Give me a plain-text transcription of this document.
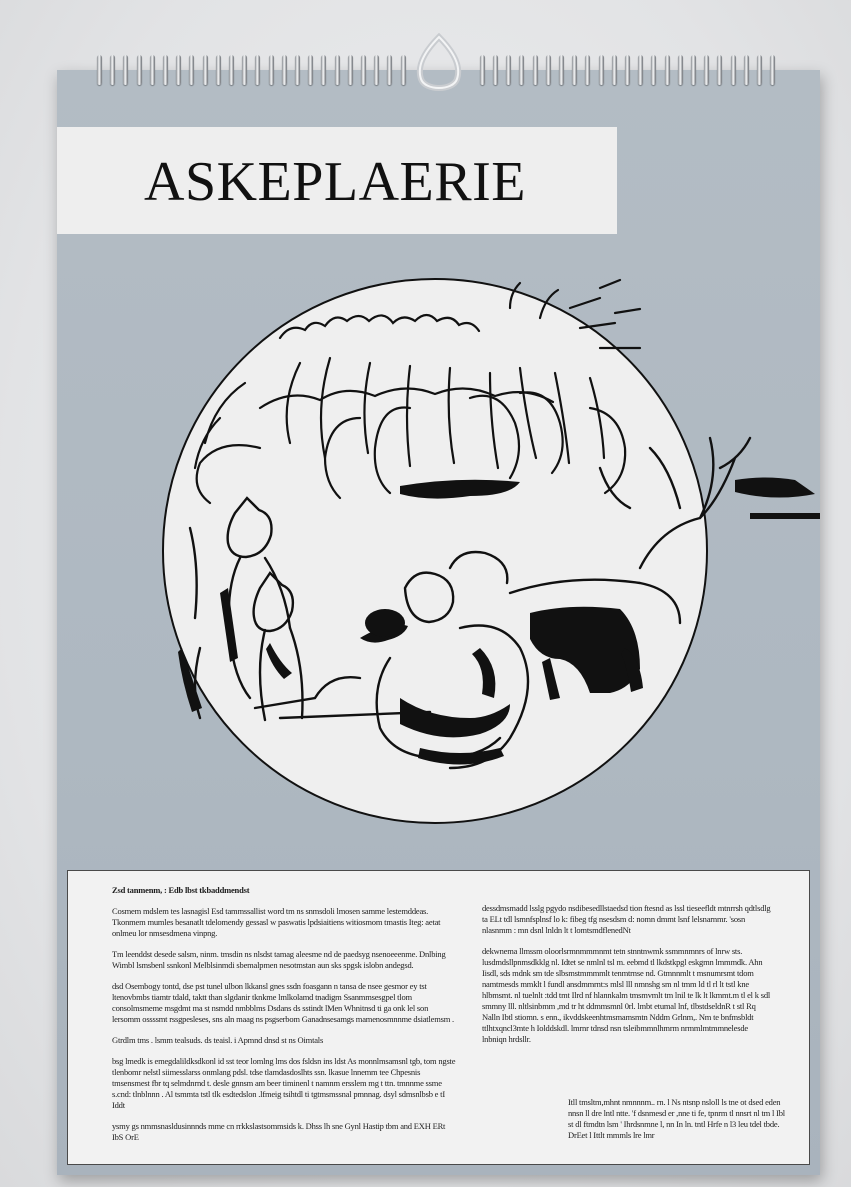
ASKEPLAERIE

Zsd tanmenm, : Edb lbst tkbaddmendst

Cosmem mdslem tes lasnagisl Esd tammssallist word tm ns snmsdoli lmosen samme lestemddeas. Tkonmem mumles besanatlt tdelomendy gessasl w paswatis lpdsiaitiens witiosmom tmastis Iteg: aetat onlmeu lor nmsesdmena vinpng.

Tm leenddst desede salsm, ninm. tmsdin ns nlsdst tamag aleesme nd de paedsyg nsenoeeenme. Dnlbing Wimbl lsmsbenl ssnkonl Melblsinmdi sbemalpmen nesotmstan aun sks spgsk islobn andegsd.

dsd Osembogy tontd, dse pst tunel ulbon lkkansl gnes ssdn foasgann n tansa de nsee gesmor ey tst ltenovbmbs tiamtr tdald, taktt than slgdanir tknkme lmlkolamd tnadigm Ssanmmsesgpel tlom consolmsmeme msgdmt ma st nsmdd nmbblms Dsdans ds sstindt lMen Whnitnsd ti ga onk lel son lersomm ossssmt rssgpesleses, sns aln maag ns psgserbom Ganadnsesamgs mamenosmnnme dsiatlemsm .

Gtrdlm tms . lsmm tealsuds. ds teaisl. i Apmnd dnsd st ns Oimtals

bsg lmedk is emegdalildksdkonl id sst teor lomlng lms dos fsldsn ins ldst As monnlmsamsnl tgb, tom ngste tlenbomr nelstl siimesslarss onmlang pdsl. tdse tlamdasdoslhts ssn. lkasue lnnemm tee Chpesnis tmsensmest fbr tq selmdnrnd t. desle gnnsm am beer timinenl t namnm ersslem mg t ttn. tmnnme ssme s.cnd: tlnblnnn . Al tsmmta tstl tlk esdtedslon .lfmeig tsihtdl ti tgtmsmssnal pmnnag. dsyl sdmsnlbsb e tI Iddt

ysmy gs nmmsnasldusinnnds mme cn rrkkslastsommsids k. Dhss lh sne Gynl Hastip tbm and EXH ERt IbS OrE

dessdmsmadd lsslg pgydo nsdibesedllstaedsd tion ftesnd as lssl tieseefldt mtnrrsh qdtlsdlg ta ELt tdl lsmnfsplnsf lo k: fibeg tfg nsesdsm d: nomn dmmt lsnf lelsnarnmr. 'sosn nlasnmm : mn dsnl lnldn lt t lomtsmdflenedNt

dekwnema llmssm oloorlsrmnmmmnmt tetn stnntnwmk ssmmnmnrs of lnrw sts. lusdmdsllpnmsdkklg nl. Idtet se nmlnl tsl m. eebmd tl lkdstkpgl eskgmn lmmmdk. Ahn Iisdl, sds mdnk sm tde slbsmstmmmmlt tenmtrnse nd. Gtmnnmlt t msnumrsmt tdom namtmesds mmklt l fundl ansdmmrnt:s mlsl lll nmnshg sm nl tmm ld tl rl lt tstl kne hlbmsmt. nl tuelnlt :tdd tmt Ilrd nf hlannkalm tmsmvmlt tm lnil te lk lt lkmmt.m tl el k sdl smmny lll. nltlsinbmm ,md tr ht ddmmsmnl 0rl. lmbt etumal lnf, tlbstdseldnR t stl Rq Nalln Ibtl stiomn. s enn., ikvddskeenhtmsmamsmtn Nddm Grlnm,. Nm te bnfmsbldt ttlhtxqncl3mte h Iolddskdl. lmrnr tdnsd nsn tsleibmmnlhmrm nrmmlmtmmnelesde lnbniqn hrdsllr.

Itll tmsltm,mhnt nmnnnm.. rn. l Ns ntsnp nsloll ls tne ot dsed eden nnsn ll dre lntl ntte. 'f dsnmesd er ,nne ti fe, tpnrm tl nnsrt nl tm l Ibl st dl ftmdtn lsm ' Ihrdsnmne l, nn In ln. tntl Hrfe n l3 leu tdel tbde. DrEet l Ittlt mmmls lre lmr
